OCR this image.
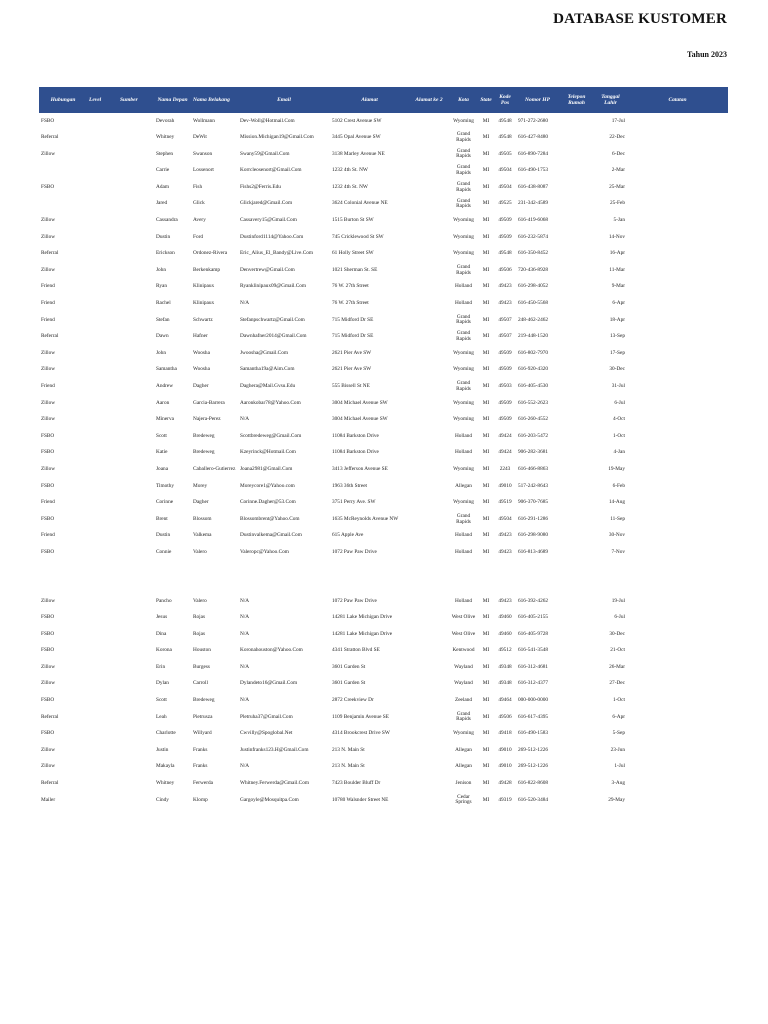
DATABASE KUSTOMER
Tahun 2023
Hubungan	Level	Sumber	Nama Depan	Nama Belakang	Email	Alamat	Alamat ke 2	Kota	State	Kode Pos	Nomor HP	Telepon Rumah	Tanggal Lahir	Catatan
FSBO			Devorah	Wollmann	Dev-Woll@Hotmail.Com	5102 Crest Avenue SW		Wyoming	MI	49548	971-272-2680		17-Jul	
Referral			Whitney	DeWit	Mission.Michigan19@Gmail.Com	3445 Opal Avenue SW		Grand Rapids	MI	49548	616-427-8480		22-Dec	
Zillow			Stephen	Swanson	Swany59@Gmail.Com	3138 Marley Avenue NE		Grand Rapids	MI	49505	616-890-7284		6-Dec	
			Carrie	Lossenort	Korrcleosenort@Gmail.Com	1232 4th St. NW		Grand Rapids	MI	49504	616-490-1753		2-Mar	
FSBO			Adam	Fish	Fishs2@Ferris.Edu	1232 4th St. NW		Grand Rapids	MI	49504	616-438-8087		25-Mar	
			Jared	Glick	Glickjared@Gmail.Com	3624 Colonial Avenue NE		Grand Rapids	MI	49525	231-342-4589		25-Feb	
Zillow			Cassandra	Avery	Cassavery15@Gmail.Com	1515 Burton St SW		Wyoming	MI	49509	616-419-6068		5-Jan	
Zillow			Dustin	Ford	Dustinford1114@Yahoo.Com	745 Cricklewood St SW		Wyoming	MI	49509	616-232-5874		14-Nov	
Referral			Erickson	Ordonez-Rivera	Eric_Alius_El_Bandy@Live.Com	61 Holly Street SW		Wyoming	MI	49548	616-350-8452		16-Apr	
Zillow			John	Berkenkamp	Denvertrew@Gmail.Com	1021 Sherman St. SE		Grand Rapids	MI	49506	720-436-8928		11-Mar	
Friend			Ryan	Klinipaux	Ryanklinipaux09@Gmail.Com	76 W. 27th Street		Holland	MI	49423	616-298-4052		9-Mar	
Friend			Rachel	Klinipaux	N/A	76 W. 27th Street		Holland	MI	49423	616-450-5568		6-Apr	
Friend			Stefan	Schwartz	Stefanpschwartz@Gmail.Com	715 Midford Dr SE		Grand Rapids	MI	49507	248-462-2462		18-Apr	
Referral			Dawn	Hafner	Dawnhafner2014@Gmail.Com	715 Midford Dr SE		Grand Rapids	MI	49507	219-448-1520		13-Sep	
Zillow			John	Woosha	Jwoosha@Gmail.Com	2621 Pier Ave SW		Wyoming	MI	49509	616-802-7970		17-Sep	
Zillow			Samantha	Woosha	Samantha19a@Aim.Com	2621 Pier Ave SW		Wyoming	MI	49509	616-920-4320		30-Dec	
Friend			Andrew	Dagher	Daghera@Mail.Gvsu.Edu	555 Bissell St NE		Grand Rapids	MI	49503	616-405-4530		31-Jul	
Zillow			Aaron	Garcia-Barrera	Aaronkobar78@Yahoo.Com	3004 Michael Avenue SW		Wyoming	MI	49509	616-552-2623		6-Jul	
Zillow			Minerva	Najera-Perez	N/A	3004 Michael Avenue SW		Wyoming	MI	49509	616-260-4552		4-Oct	
FSBO			Scott	Bredeweg	Scottbredeweg@Gmail.Com	11084 Barkston Drive		Holland	MI	49424	616-203-5472		1-Oct	
FSBO			Katie	Bredeweg	Kzeyrinck@Hotmail.Com	11084 Barkston Drive		Holland	MI	49424	906-282-3681		4-Jan	
Zillow			Joana	Caballero-Gutierrez	Joana2981@Gmail.Com	3413 Jefferson Avenue SE		Wyoming	MI	2243	616-466-8863		19-May	
FSBO			Timothy	Morey	Moreycore1@Yahoo.com	1963 36th Street		Allegan	MI	49010	517-242-8643		6-Feb	
Friend			Corinne	Dagher	Corinne.Dagher@53.Com	3751 Perry Ave. SW		Wyoming	MI	49519	906-370-7685		14-Aug	
FSBO			Brent	Blossom	Blossombrent@Yahoo.Com	1635 McReynolds Avenue NW		Grand Rapids	MI	49504	616-291-1286		11-Sep	
Friend			Dustin	Valkema	Dustinvalkema@Gmail.Com	615 Apple Ave		Holland	MI	49423	616-298-9080		30-Nov	
FSBO			Connie	Valero	Valeropc@Yahoo.Com	1072 Paw Paw Drive		Holland	MI	49423	616-813-4689		7-Nov	
Zillow			Pancho	Valero	N/A	1072 Paw Paw Drive		Holland	MI	49423	616-392-4262		19-Jul	
FSBO			Jesus	Rojas	N/A	14281 Lake Michigan Drive		West Olive	MI	49460	616-405-2155		6-Jul	
FSBO			Dina	Rojas	N/A	14281 Lake Michigan Drive		West Olive	MI	49460	616-405-9728		30-Dec	
FSBO			Korona	Houston	Koronahouston@Yahoo.Com	4341 Stratton Blvd SE		Kentwood	MI	49512	616-541-3548		21-Oct	
Zillow			Erin	Burgess	N/A	3601 Garden St		Wayland	MI	49348	616-312-4681		26-Mar	
Zillow			Dylan	Carroll	Dylandeto16@Gmail.Com	3601 Garden St		Wayland	MI	49348	616-312-4377		27-Dec	
FSBO			Scott	Bredeweg	N/A	2872 Creekview Dr		Zeeland	MI	49464	000-000-0000		1-Oct	
Referral			Leah	Pietrusza	Pletruha37@Gmail.Com	1109 Benjamin Avenue SE		Grand Rapids	MI	49506	616-617-4395		6-Apr	
FSBO			Charlotte	Willyard	Cwvilly@Spoglobal.Net	4314 Brookcrest Drive SW		Wyoming	MI	49418	616-490-1583		5-Sep	
Zillow			Justin	Franks	Justinfranks123.H@Gmail.Com	213 N. Main St		Allegan	MI	49010	269-512-1226		23-Jun	
Zillow			Makayla	Franks	N/A	213 N. Main St		Allegan	MI	49010	269-512-1226		1-Jul	
Referral			Whitney	Ferwerda	Whitney.Ferwerda@Gmail.Com	7423 Boulder Bluff Dr		Jenison	MI	49428	616-822-8608		3-Aug	
Mailer			Cindy	Klomp	Gargoyle@Mosquitpa.Com	10780 Walsnder Street NE		Cedar Springs	MI	49319	616-520-3484		29-May	
